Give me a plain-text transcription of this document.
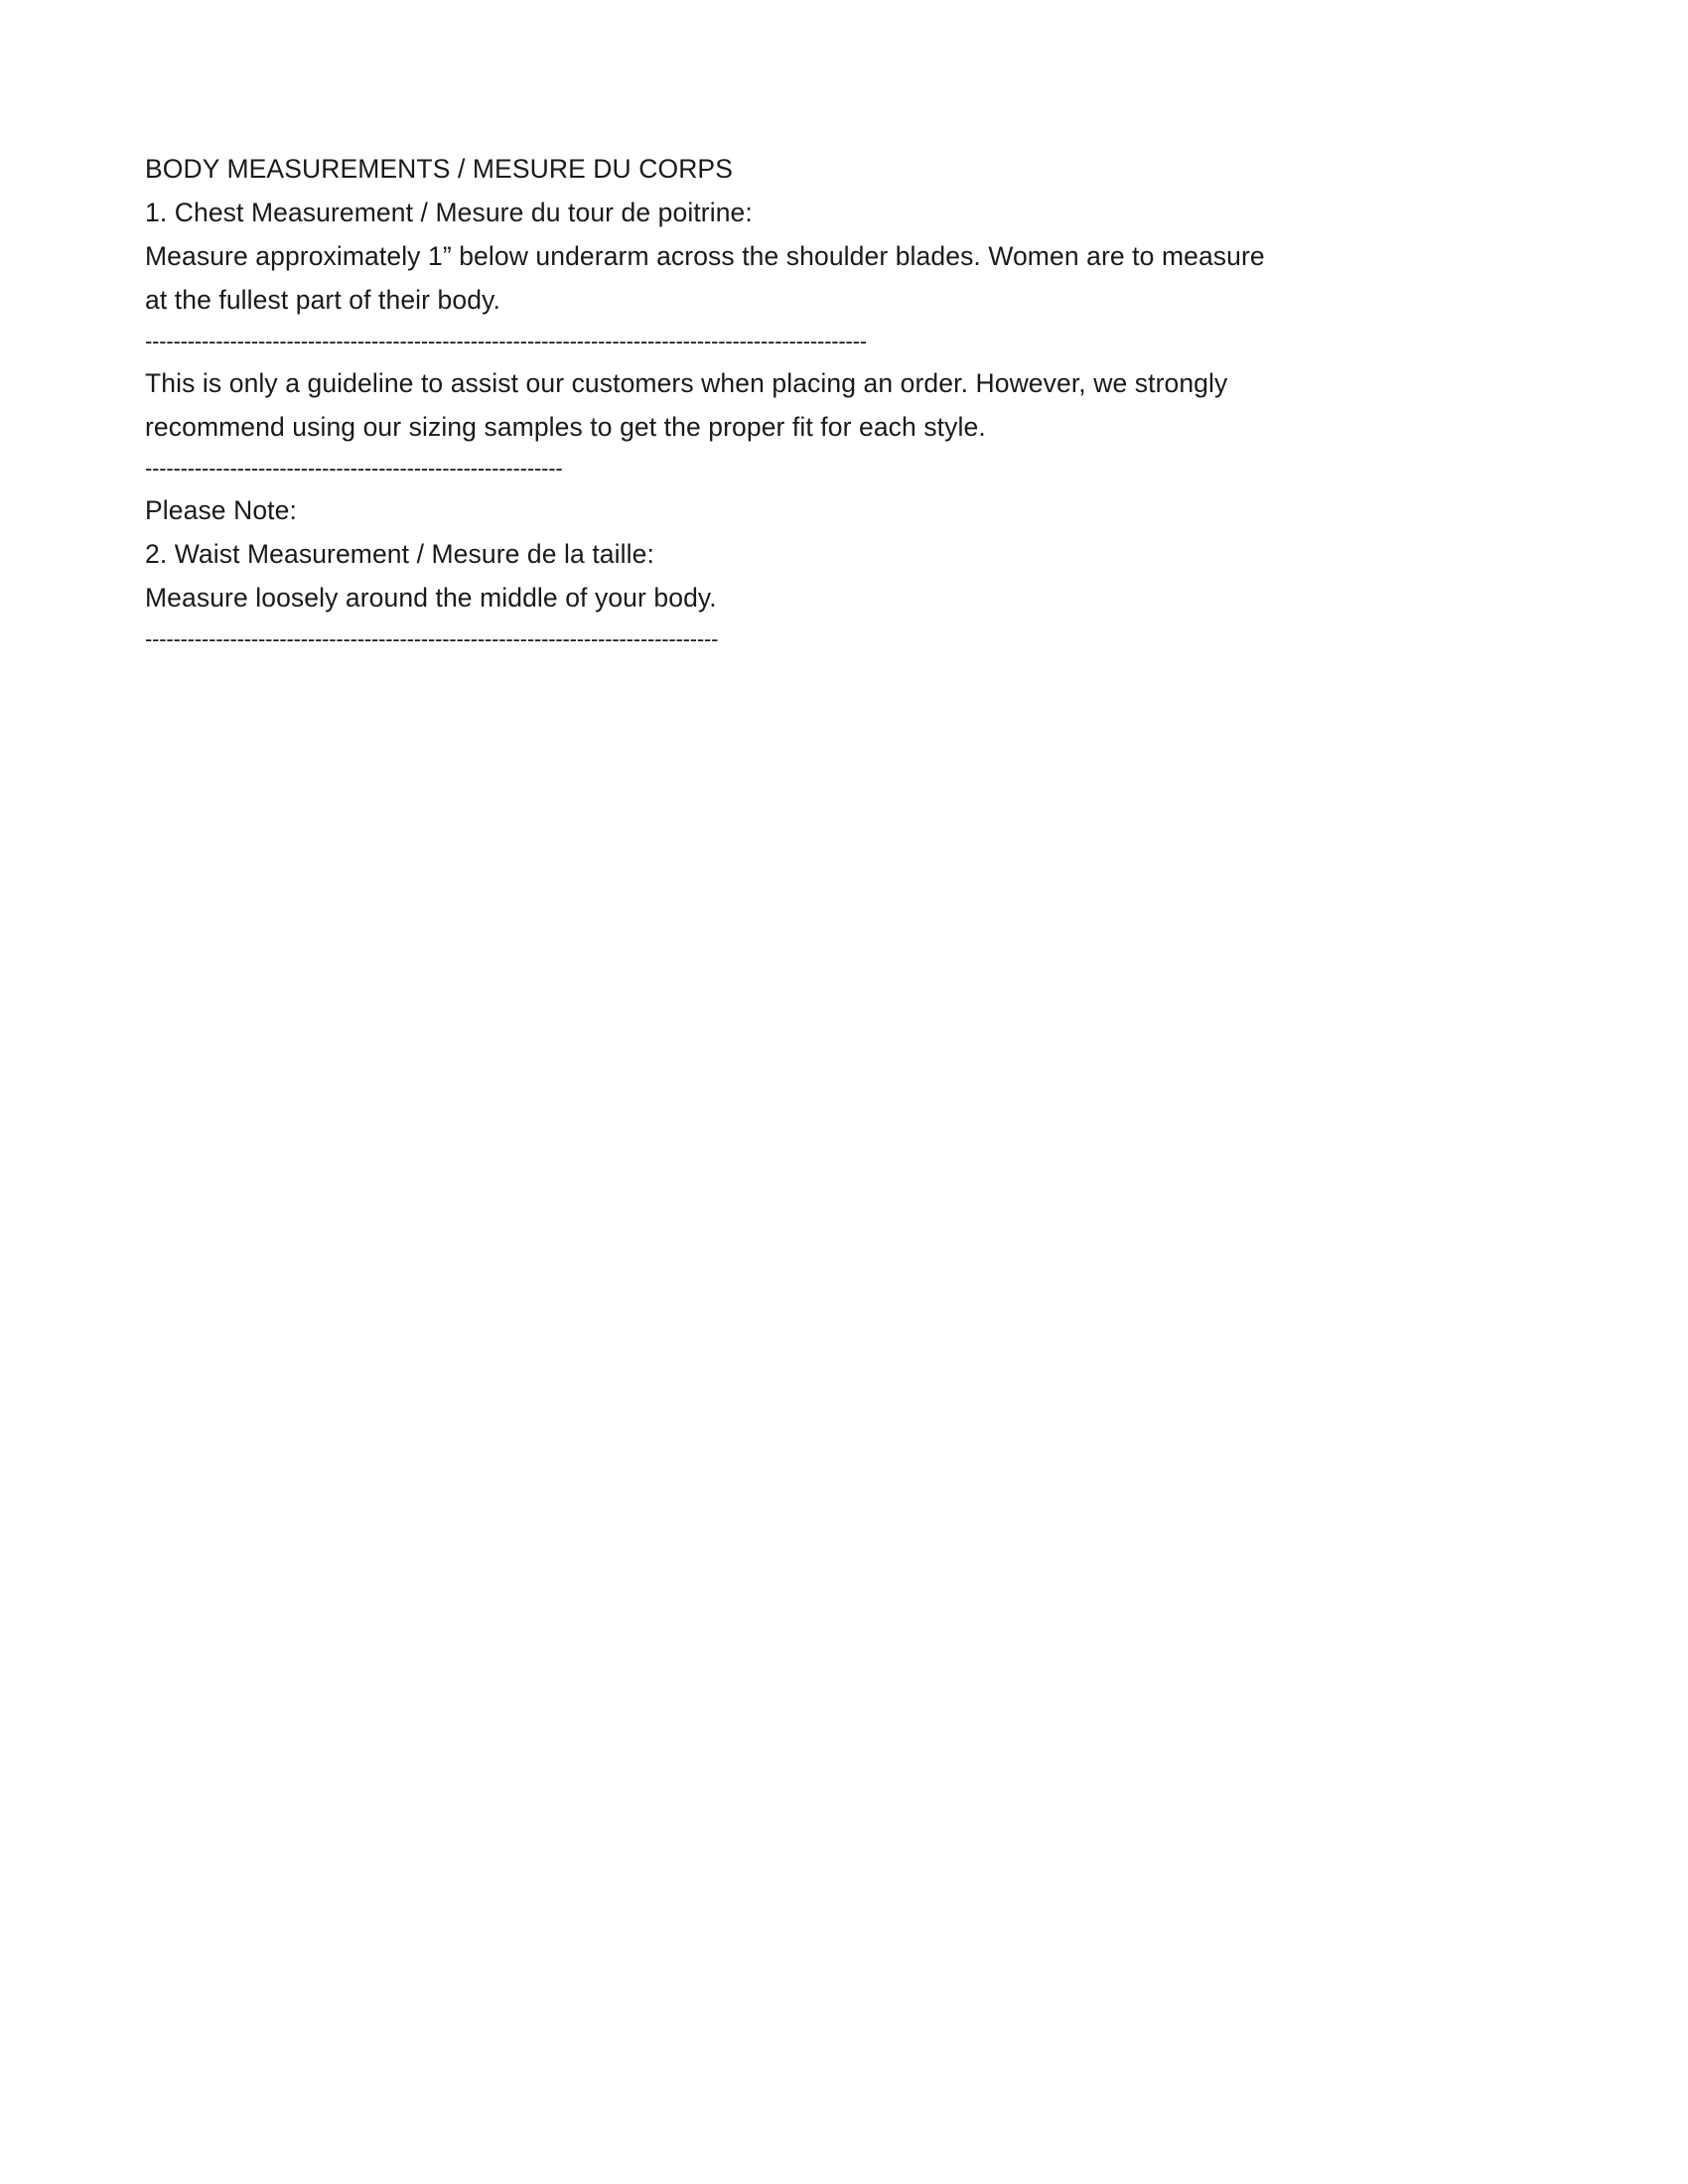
BODY MEASUREMENTS / MESURE DU CORPS
1. Chest Measurement / Mesure du tour de poitrine:
Measure approximately 1” below underarm across the shoulder blades. Women are to measure at the fullest part of their body.
------------------------------------------------------------------------------------------------------
This is only a guideline to assist our customers when placing an order. However, we strongly recommend using our sizing samples to get the proper fit for each style.
-----------------------------------------------------------
Please Note:
2. Waist Measurement / Mesure de la taille:
Measure loosely around the middle of your body.
---------------------------------------------------------------------------------
